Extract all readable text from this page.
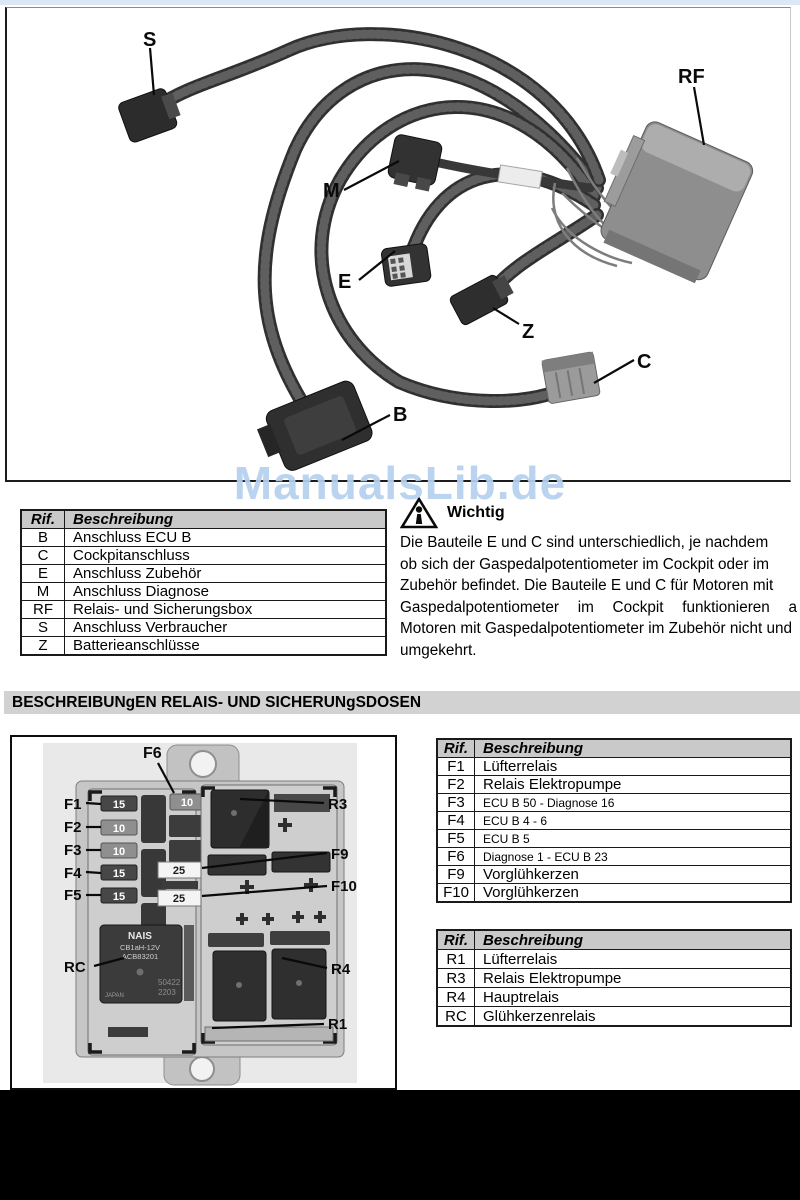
S
RF
M
E
Z
C
B
ManualsLib.de
Rif.	Beschreibung
B	Anschluss ECU B
C	Cockpitanschluss
E	Anschluss Zubehör
M	Anschluss Diagnose
RF	Relais- und Sicherungsbox
S	Anschluss Verbraucher
Z	Batterieanschlüsse
Wichtig
Die Bauteile E und C sind unterschiedlich, je nachdem
ob sich der Gaspedalpotentiometer im Cockpit oder im
Zubehör befindet. Die Bauteile E und C für Motoren mit
Gaspedalpotentiometer im Cockpit funktionieren a
Motoren mit Gaspedalpotentiometer im Zubehör nicht und
umgekehrt.
BESCHREIBUNgEN RELAIS- UND SICHERUNgSDOSEN
15
10
10
15
15
10
25
25
NAIS
CB1aH-12V
ACB83201
50422
2203
JAPAN
F6
F1
F2
F3
F4
F5
RC
R3
F9
F10
R4
R1
Rif.	Beschreibung
F1	Lüfterrelais
F2	Relais Elektropumpe
F3	ECU B 50 - Diagnose 16
F4	ECU B 4 - 6
F5	ECU B 5
F6	Diagnose 1 - ECU B 23
F9	Vorglühkerzen
F10	Vorglühkerzen
Rif.	Beschreibung
R1	Lüfterrelais
R3	Relais Elektropumpe
R4	Hauptrelais
RC	Glühkerzenrelais
